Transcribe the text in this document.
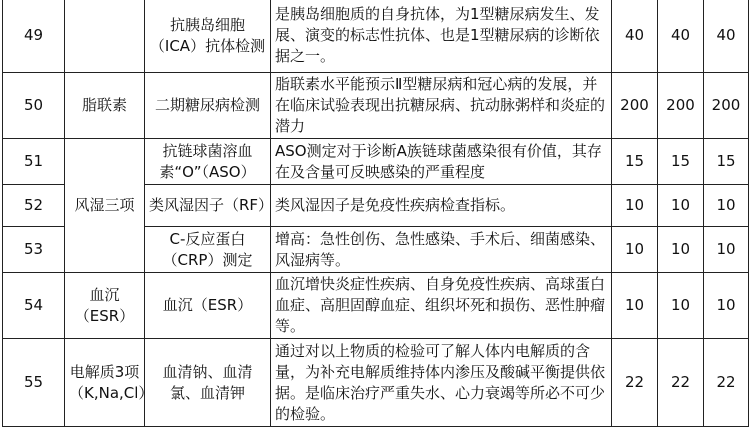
49		抗胰岛细胞（ICA）抗体检测	是胰岛细胞质的自身抗体，为1型糖尿病发生、发展、演变的标志性抗体、也是1型糖尿病的诊断依据之一。	40	40	40
50	脂联素	二期糖尿病检测	脂联素水平能预示Ⅱ型糖尿病和冠心病的发展，并在临床试验表现出抗糖尿病、抗动脉粥样和炎症的潜力	200	200	200
51	风湿三项	抗链球菌溶血素“O”（ASO）	ASO测定对于诊断A族链球菌感染很有价值，其存在及含量可反映感染的严重程度	15	15	15
52		类风湿因子（RF）	类风湿因子是免疫性疾病检查指标。	10	10	10
53		C-反应蛋白（CRP）测定	增高：急性创伤、急性感染、手术后、细菌感染、风湿病等。	10	10	10
54	血沉（ESR）	血沉（ESR）	血沉增快炎症性疾病、自身免疫性疾病、高球蛋白血症、高胆固醇血症、组织坏死和损伤、恶性肿瘤等。	10	10	10
55	电解质3项（K,Na,Cl）	血清钠、血清氯、血清钾	通过对以上物质的检验可了解人体内电解质的含量，为补充电解质维持体内渗压及酸碱平衡提供依据。是临床治疗严重失水、心力衰竭等所必不可少的检验。	22	22	22
